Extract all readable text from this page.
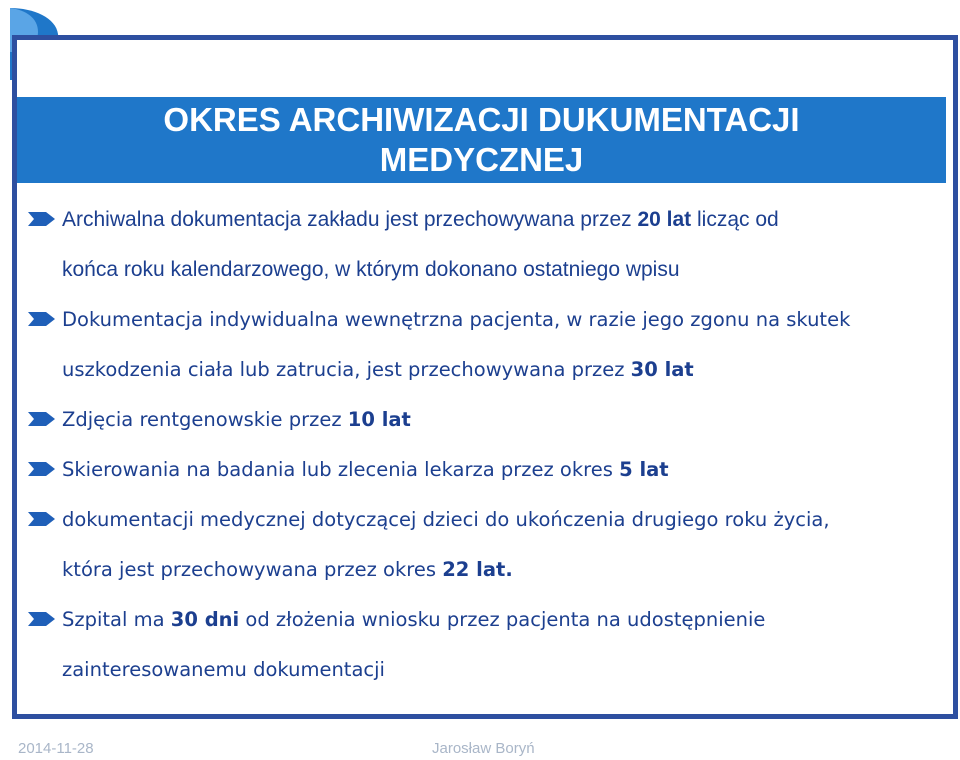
OKRES ARCHIWIZACJI DUKUMENTACJI
MEDYCZNEJ
Archiwalna dokumentacja zakładu jest przechowywana przez 20 lat licząc od
końca roku kalendarzowego, w którym dokonano ostatniego wpisu
Dokumentacja indywidualna wewnętrzna pacjenta, w razie jego zgonu na skutek
uszkodzenia ciała lub zatrucia, jest przechowywana przez 30 lat
Zdjęcia rentgenowskie przez 10 lat
Skierowania na badania lub zlecenia lekarza przez okres 5 lat
dokumentacji medycznej dotyczącej dzieci do ukończenia drugiego roku życia,
która jest przechowywana przez okres 22 lat.
Szpital ma 30 dni od złożenia wniosku przez pacjenta na udostępnienie
zainteresowanemu dokumentacji
2014-11-28	Jarosław Boryń
